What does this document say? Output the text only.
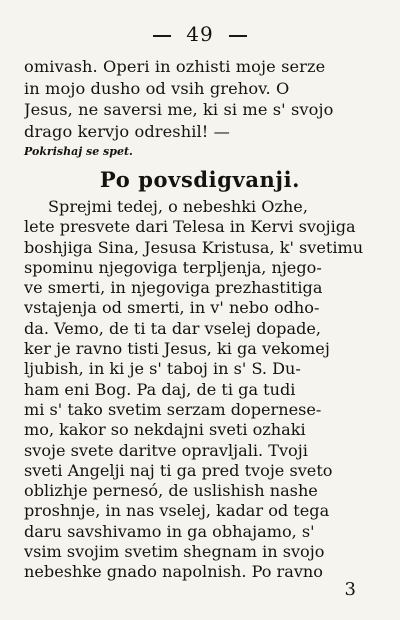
49
omivash. Operi in ozhisti moje serze
in mojo dusho od vsih grehov. O
Jesus, ne saversi me, ki si me s' svojo
drago kervjo odreshil! —
Pokrishaj se spet.
Po povsdigvanji.
Sprejmi tedej, o nebeshki Ozhe,
lete presvete dari Telesa in Kervi svojiga
boshjiga Sina, Jesusa Kristusa, k' svetimu
spominu njegoviga terpljenja, njego-
ve smerti, in njegoviga prezhastitiga
vstajenja od smerti, in v' nebo odho-
da. Vemo, de ti ta dar vselej dopade,
ker je ravno tisti Jesus, ki ga vekomej
ljubish, in ki je s' taboj in s' S. Du-
ham eni Bog. Pa daj, de ti ga tudi
mi s' tako svetim serzam dopernese-
mo, kakor so nekdajni sveti ozhaki
svoje svete daritve opravljali. Tvoji
sveti Angelji naj ti ga pred tvoje sveto
oblizhje pernesó, de uslishish nashe
proshnje, in nas vselej, kadar od tega
daru savshivamo in ga obhajamo, s'
vsim svojim svetim shegnam in svojo
nebeshke gnado napolnish. Po ravno
3
